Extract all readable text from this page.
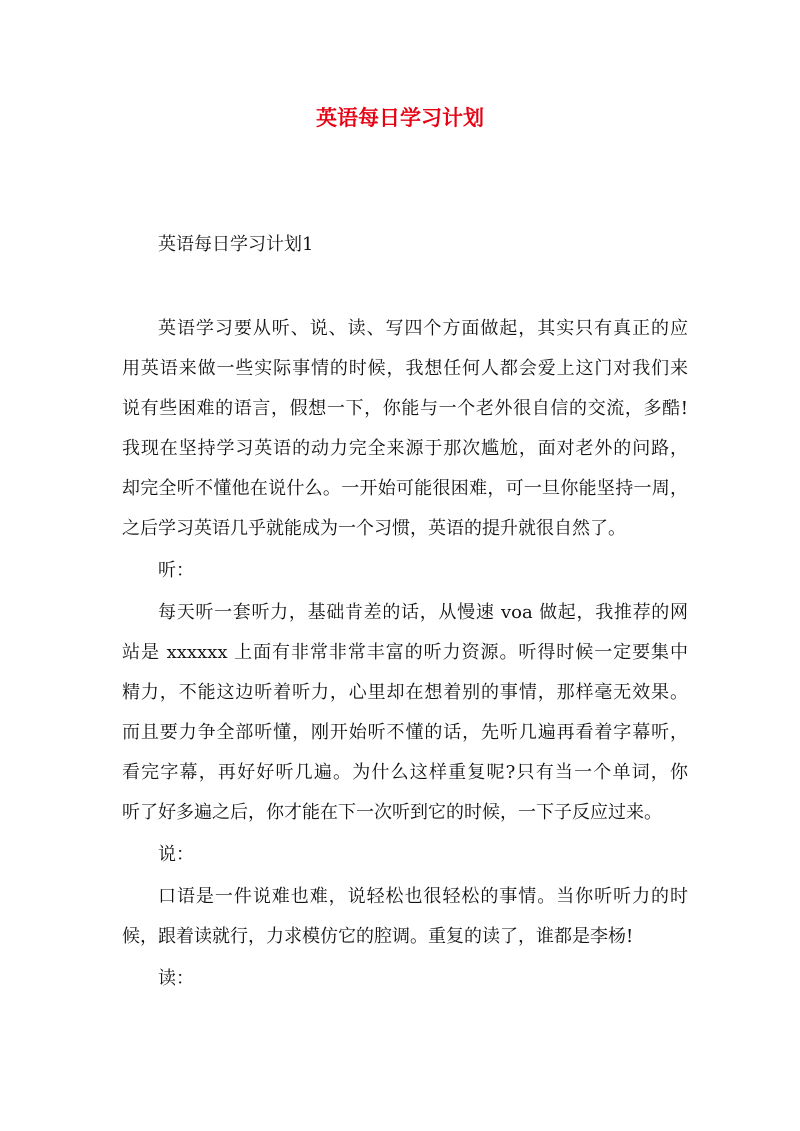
英语每日学习计划
英语每日学习计划1
英语学习要从听、说、读、写四个方面做起，其实只有真正的应
用英语来做一些实际事情的时候，我想任何人都会爱上这门对我们来
说有些困难的语言，假想一下，你能与一个老外很自信的交流，多酷!
我现在坚持学习英语的动力完全来源于那次尴尬，面对老外的问路，
却完全听不懂他在说什么。一开始可能很困难，可一旦你能坚持一周，
之后学习英语几乎就能成为一个习惯，英语的提升就很自然了。
听：
每天听一套听力，基础肯差的话，从慢速 voa 做起，我推荐的网
站是 xxxxxx 上面有非常非常丰富的听力资源。听得时候一定要集中
精力，不能这边听着听力，心里却在想着别的事情，那样毫无效果。
而且要力争全部听懂，刚开始听不懂的话，先听几遍再看着字幕听，
看完字幕，再好好听几遍。为什么这样重复呢?只有当一个单词，你
听了好多遍之后，你才能在下一次听到它的时候，一下子反应过来。
说：
口语是一件说难也难，说轻松也很轻松的事情。当你听听力的时
候，跟着读就行，力求模仿它的腔调。重复的读了，谁都是李杨!
读：
